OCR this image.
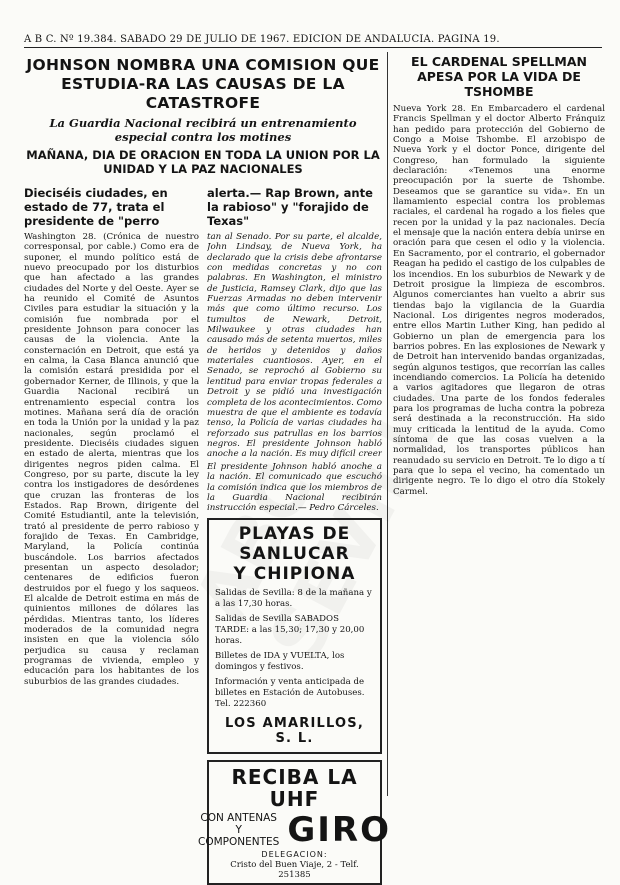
A B C. Nº 19.384. SABADO 29 DE JULIO DE 1967. EDICION DE ANDALUCIA. PAGINA 19.
JOHNSON NOMBRA UNA COMISION QUE ESTUDIA-RA LAS CAUSAS DE LA CATASTROFE
La Guardia Nacional recibirá un entrenamiento especial contra los motines
MAÑANA, DIA DE ORACION EN TODA LA UNION POR LA UNIDAD Y LA PAZ NACIONALES
Dieciséis ciudades, en estado de 77, trata el presidente de "perro
alerta.— Rap Brown, ante la rabioso" y "forajido de Texas"

Washington 28. (Crónica de nuestro corresponsal, por cable.) Como era de suponer, el mundo político está de nuevo preocupado por los disturbios que han afectado a las grandes ciudades del Norte y del Oeste. Ayer se ha reunido el Comité de Asuntos Civiles para estudiar la situación y la comisión fue nombrada por el presidente Johnson para conocer las causas de la violencia. Ante la consternación en Detroit, que está ya en calma, la Casa Blanca anunció que la comisión estará presidida por el gobernador Kerner, de Illinois, y que la Guardia Nacional recibirá un entrenamiento especial contra los motines. Mañana será día de oración en toda la Unión por la unidad y la paz nacionales, según proclamó el presidente. Dieciséis ciudades siguen en estado de alerta, mientras que los dirigentes negros piden calma. El Congreso, por su parte, discute la ley contra los instigadores de desórdenes que cruzan las fronteras de los Estados. Rap Brown, dirigente del Comité Estudiantil, ante la televisión, trató al presidente de perro rabioso y forajido de Texas. En Cambridge, Maryland, la Policía continúa buscándole. Los barrios afectados presentan un aspecto desolador; centenares de edificios fueron destruidos por el fuego y los saqueos. El alcalde de Detroit estima en más de quinientos millones de dólares las pérdidas. Mientras tanto, los líderes moderados de la comunidad negra insisten en que la violencia sólo perjudica su causa y reclaman programas de vivienda, empleo y educación para los habitantes de los suburbios de las grandes ciudades.

tan al Senado. Por su parte, el alcalde, John Lindsay, de Nueva York, ha declarado que la crisis debe afrontarse con medidas concretas y no con palabras. En Washington, el ministro de Justicia, Ramsey Clark, dijo que las Fuerzas Armadas no deben intervenir más que como último recurso. Los tumultos de Newark, Detroit, Milwaukee y otras ciudades han causado más de setenta muertos, miles de heridos y detenidos y daños materiales cuantiosos. Ayer, en el Senado, se reprochó al Gobierno su lentitud para enviar tropas federales a Detroit y se pidió una investigación completa de los acontecimientos. Como muestra de que el ambiente es todavía tenso, la Policía de varias ciudades ha reforzado sus patrullas en los barrios negros. El presidente Johnson habló anoche a la nación. Es muy difícil creer

El presidente Johnson habló anoche a la nación. El comunicado que escuchó la comisión indica que los miembros de la Guardia Nacional recibirán instrucción especial.— Pedro Cárceles.

PLAYAS DE SANLUCAR
Y CHIPIONA
Salidas de Sevilla: 8 de la mañana y a las 17,30 horas.
Salidas de Sevilla SABADOS TARDE: a las 15,30; 17,30 y 20,00 horas.
Billetes de IDA y VUELTA, los domingos y festivos.
Información y venta anticipada de billetes en Estación de Autobuses. Tel. 222360
LOS AMARILLOS, S. L.
RECIBA LA UHF
CON ANTENAS
Y COMPONENTES GIRO
DELEGACION:
Cristo del Buen Viaje, 2 - Telf. 251385
EL CARDENAL SPELLMAN APESA POR LA VIDA DE TSHOMBE

Nueva York 28. En Embarcadero el cardenal Francis Spellman y el doctor Alberto Fránquiz han pedido para protección del Gobierno de Congo a Moise Tshombe. El arzobispo de Nueva York y el doctor Ponce, dirigente del Congreso, han formulado la siguiente declaración: «Tenemos una enorme preocupación por la suerte de Tshombe. Deseamos que se garantice su vida». En un llamamiento especial contra los problemas raciales, el cardenal ha rogado a los fieles que recen por la unidad y la paz nacionales. Decía el mensaje que la nación entera debía unirse en oración para que cesen el odio y la violencia. En Sacramento, por el contrario, el gobernador Reagan ha pedido el castigo de los culpables de los incendios. En los suburbios de Newark y de Detroit prosigue la limpieza de escombros. Algunos comerciantes han vuelto a abrir sus tiendas bajo la vigilancia de la Guardia Nacional. Los dirigentes negros moderados, entre ellos Martin Luther King, han pedido al Gobierno un plan de emergencia para los barrios pobres. En las explosiones de Newark y de Detroit han intervenido bandas organizadas, según algunos testigos, que recorrían las calles incendiando comercios. La Policía ha detenido a varios agitadores que llegaron de otras ciudades. Una parte de los fondos federales para los programas de lucha contra la pobreza será destinada a la reconstrucción. Ha sido muy criticada la lentitud de la ayuda. Como síntoma de que las cosas vuelven a la normalidad, los transportes públicos han reanudado su servicio en Detroit. Te lo digo a tí para que lo sepa el vecino, ha comentado un dirigente negro. Te lo digo el otro día Stokely Carmel.
